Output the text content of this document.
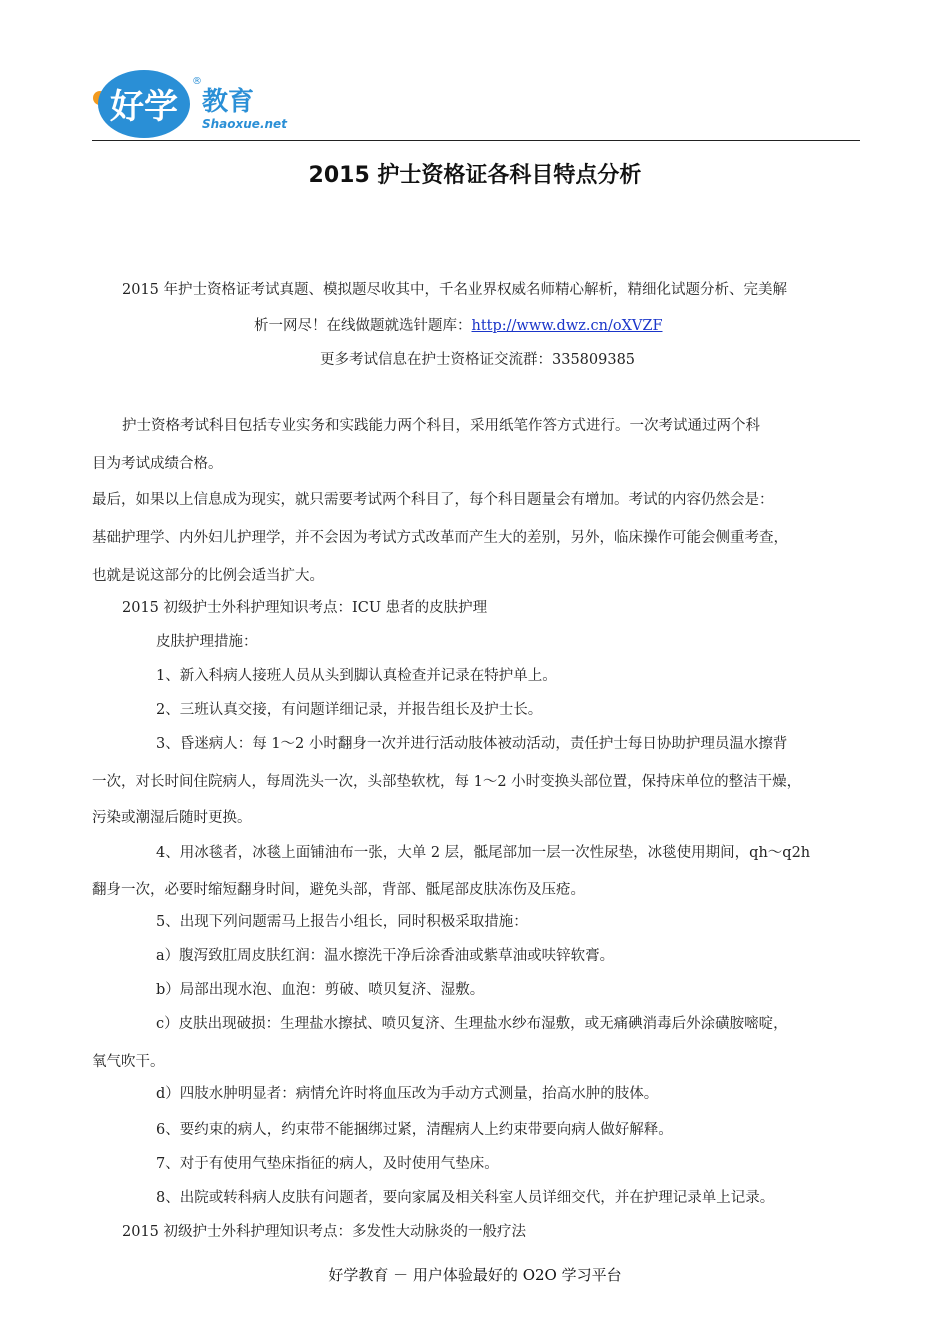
好学
®
教育
Shaoxue.net
2015 护士资格证各科目特点分析
2015 年护士资格证考试真题、模拟题尽收其中，千名业界权威名师精心解析，精细化试题分析、完美解
析一网尽！在线做题就选针题库：http://www.dwz.cn/oXVZF
更多考试信息在护士资格证交流群：335809385
护士资格考试科目包括专业实务和实践能力两个科目，采用纸笔作答方式进行。一次考试通过两个科
目为考试成绩合格。
最后，如果以上信息成为现实，就只需要考试两个科目了，每个科目题量会有增加。考试的内容仍然会是：
基础护理学、内外妇儿护理学，并不会因为考试方式改革而产生大的差别，另外，临床操作可能会侧重考查，
也就是说这部分的比例会适当扩大。
2015 初级护士外科护理知识考点：ICU 患者的皮肤护理
皮肤护理措施：
1、新入科病人接班人员从头到脚认真检查并记录在特护单上。
2、三班认真交接，有问题详细记录，并报告组长及护士长。
3、昏迷病人：每 1～2 小时翻身一次并进行活动肢体被动活动，责任护士每日协助护理员温水擦背
一次，对长时间住院病人，每周洗头一次，头部垫软枕，每 1～2 小时变换头部位置，保持床单位的整洁干燥，
污染或潮湿后随时更换。
4、用冰毯者，冰毯上面铺油布一张，大单 2 层，骶尾部加一层一次性尿垫，冰毯使用期间，qh～q2h
翻身一次，必要时缩短翻身时间，避免头部，背部、骶尾部皮肤冻伤及压疮。
5、出现下列问题需马上报告小组长，同时积极采取措施：
a）腹泻致肛周皮肤红润：温水擦洗干净后涂香油或紫草油或呋锌软膏。
b）局部出现水泡、血泡：剪破、喷贝复济、湿敷。
c）皮肤出现破损：生理盐水擦拭、喷贝复济、生理盐水纱布湿敷，或无痛碘消毒后外涂磺胺嘧啶，
氧气吹干。
d）四肢水肿明显者：病情允许时将血压改为手动方式测量，抬高水肿的肢体。
6、要约束的病人，约束带不能捆绑过紧，清醒病人上约束带要向病人做好解释。
7、对于有使用气垫床指征的病人，及时使用气垫床。
8、出院或转科病人皮肤有问题者，要向家属及相关科室人员详细交代，并在护理记录单上记录。
2015 初级护士外科护理知识考点：多发性大动脉炎的一般疗法
好学教育 － 用户体验最好的 O2O 学习平台
